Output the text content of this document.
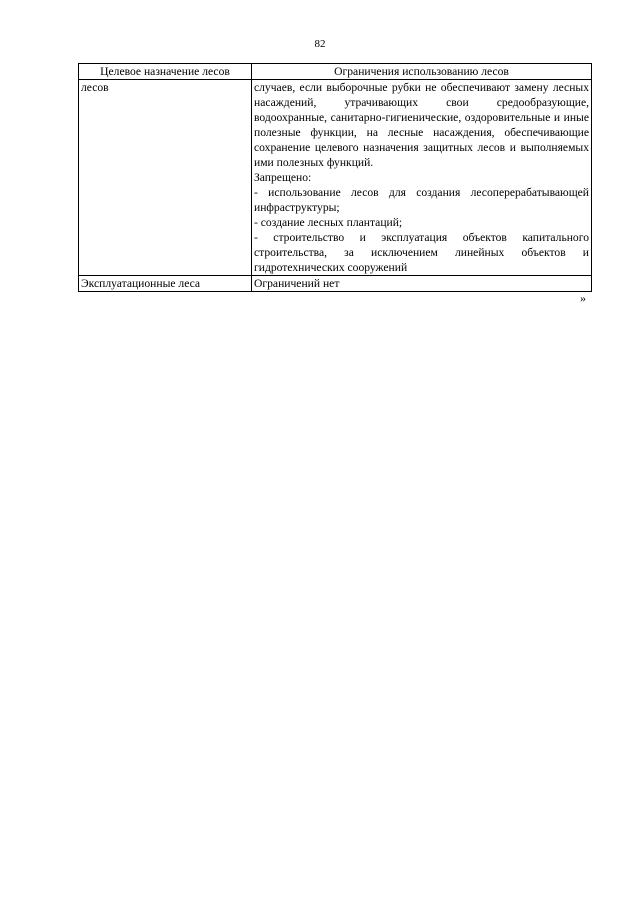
82
Целевое назначение лесов	Ограничения использованию лесов
лесов	случаев, если выборочные рубки не обеспечивают замену лесных насаждений, утрачивающих свои средообразующие, водоохранные, санитарно-гигиенические, оздоровительные и иные полезные функции, на лесные насаждения, обеспечивающие сохранение целевого назначения защитных лесов и выполняемых ими полезных функций.

Запрещено:

- использование лесов для создания лесоперерабатывающей инфраструктуры;

- создание лесных плантаций;

- строительство и эксплуатация объектов капитального строительства, за исключением линейных объектов и гидротехнических сооружений

Эксплуатационные леса	Ограничений нет

»
